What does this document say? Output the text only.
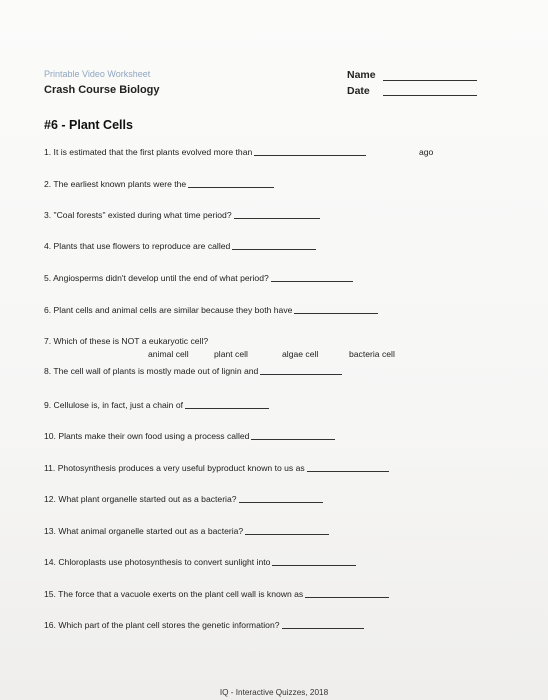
Printable Video Worksheet
Crash Course Biology
Name
Date
#6 - Plant Cells
1. It is estimated that the first plants evolved more than	ago
2. The earliest known plants were the
3. "Coal forests" existed during what time period?
4. Plants that use flowers to reproduce are called
5. Angiosperms didn't develop until the end of what period?
6. Plant cells and animal cells are similar because they both have
7. Which of these is NOT a eukaryotic cell?
animal cell	plant cell	algae cell	bacteria cell
8. The cell wall of plants is mostly made out of lignin and
9. Cellulose is, in fact, just a chain of
10. Plants make their own food using a process called
11. Photosynthesis produces a very useful byproduct known to us as
12. What plant organelle started out as a bacteria?
13. What animal organelle started out as a bacteria?
14. Chloroplasts use photosynthesis to convert sunlight into
15. The force that a vacuole exerts on the plant cell wall is known as
16. Which part of the plant cell stores the genetic information?
IQ - Interactive Quizzes, 2018
